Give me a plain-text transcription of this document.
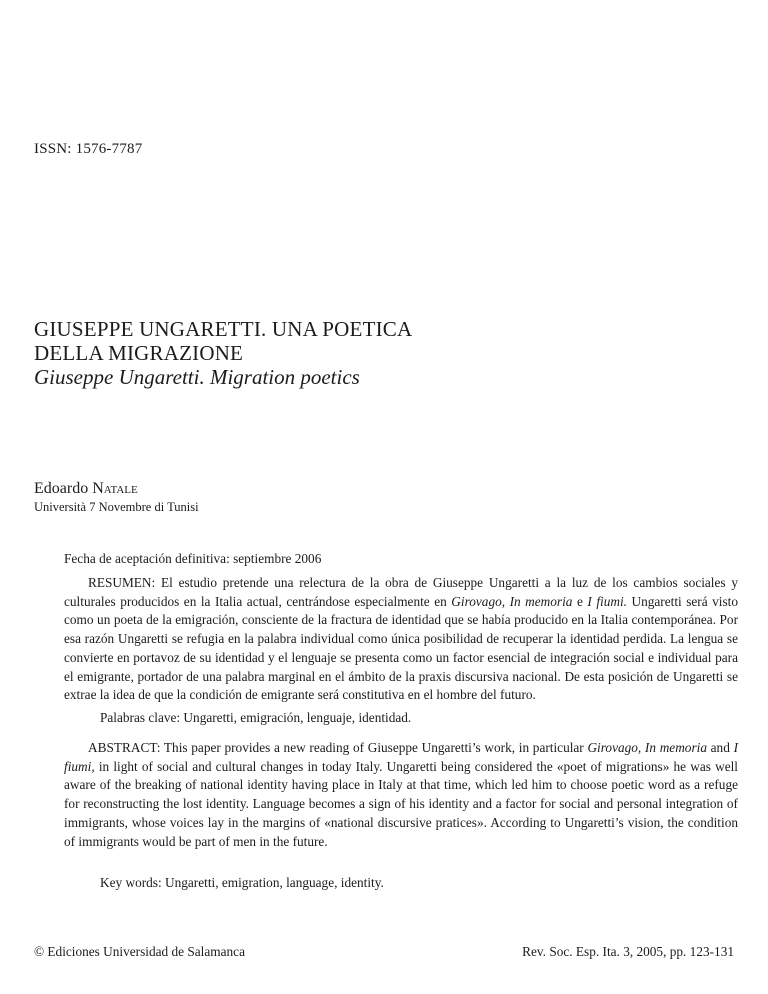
ISSN: 1576-7787
GIUSEPPE UNGARETTI. UNA POETICA
DELLA MIGRAZIONE
Giuseppe Ungaretti. Migration poetics
Edoardo Natale
Università 7 Novembre di Tunisi
Fecha de aceptación definitiva: septiembre 2006

RESUMEN: El estudio pretende una relectura de la obra de Giuseppe Ungaretti a la luz de los cambios sociales y culturales producidos en la Italia actual, centrándose especialmente en Girovago, In memoria e I fiumi. Ungaretti será visto como un poeta de la emigración, consciente de la fractura de identidad que se había producido en la Italia contemporánea. Por esa razón Ungaretti se refugia en la palabra individual como única posibilidad de recuperar la identidad perdida. La lengua se convierte en portavoz de su identidad y el lenguaje se presenta como un factor esencial de integración social e individual para el emigrante, portador de una palabra marginal en el ámbito de la praxis discursiva nacional. De esta posición de Ungaretti se extrae la idea de que la condición de emigrante será constitutiva en el hombre del futuro.

Palabras clave: Ungaretti, emigración, lenguaje, identidad.

ABSTRACT: This paper provides a new reading of Giuseppe Ungaretti’s work, in particular Girovago, In memoria and I fiumi, in light of social and cultural changes in today Italy. Ungaretti being considered the «poet of migrations» he was well aware of the breaking of national identity having place in Italy at that time, which led him to choose poetic word as a refuge for reconstructing the lost identity. Language becomes a sign of his identity and a factor for social and personal integration of immigrants, whose voices lay in the margins of «national discursive pratices». According to Ungaretti’s vision, the condition of immigrants would be part of men in the future.

Key words: Ungaretti, emigration, language, identity.
© Ediciones Universidad de Salamanca	Rev. Soc. Esp. Ita. 3, 2005, pp. 123-131
